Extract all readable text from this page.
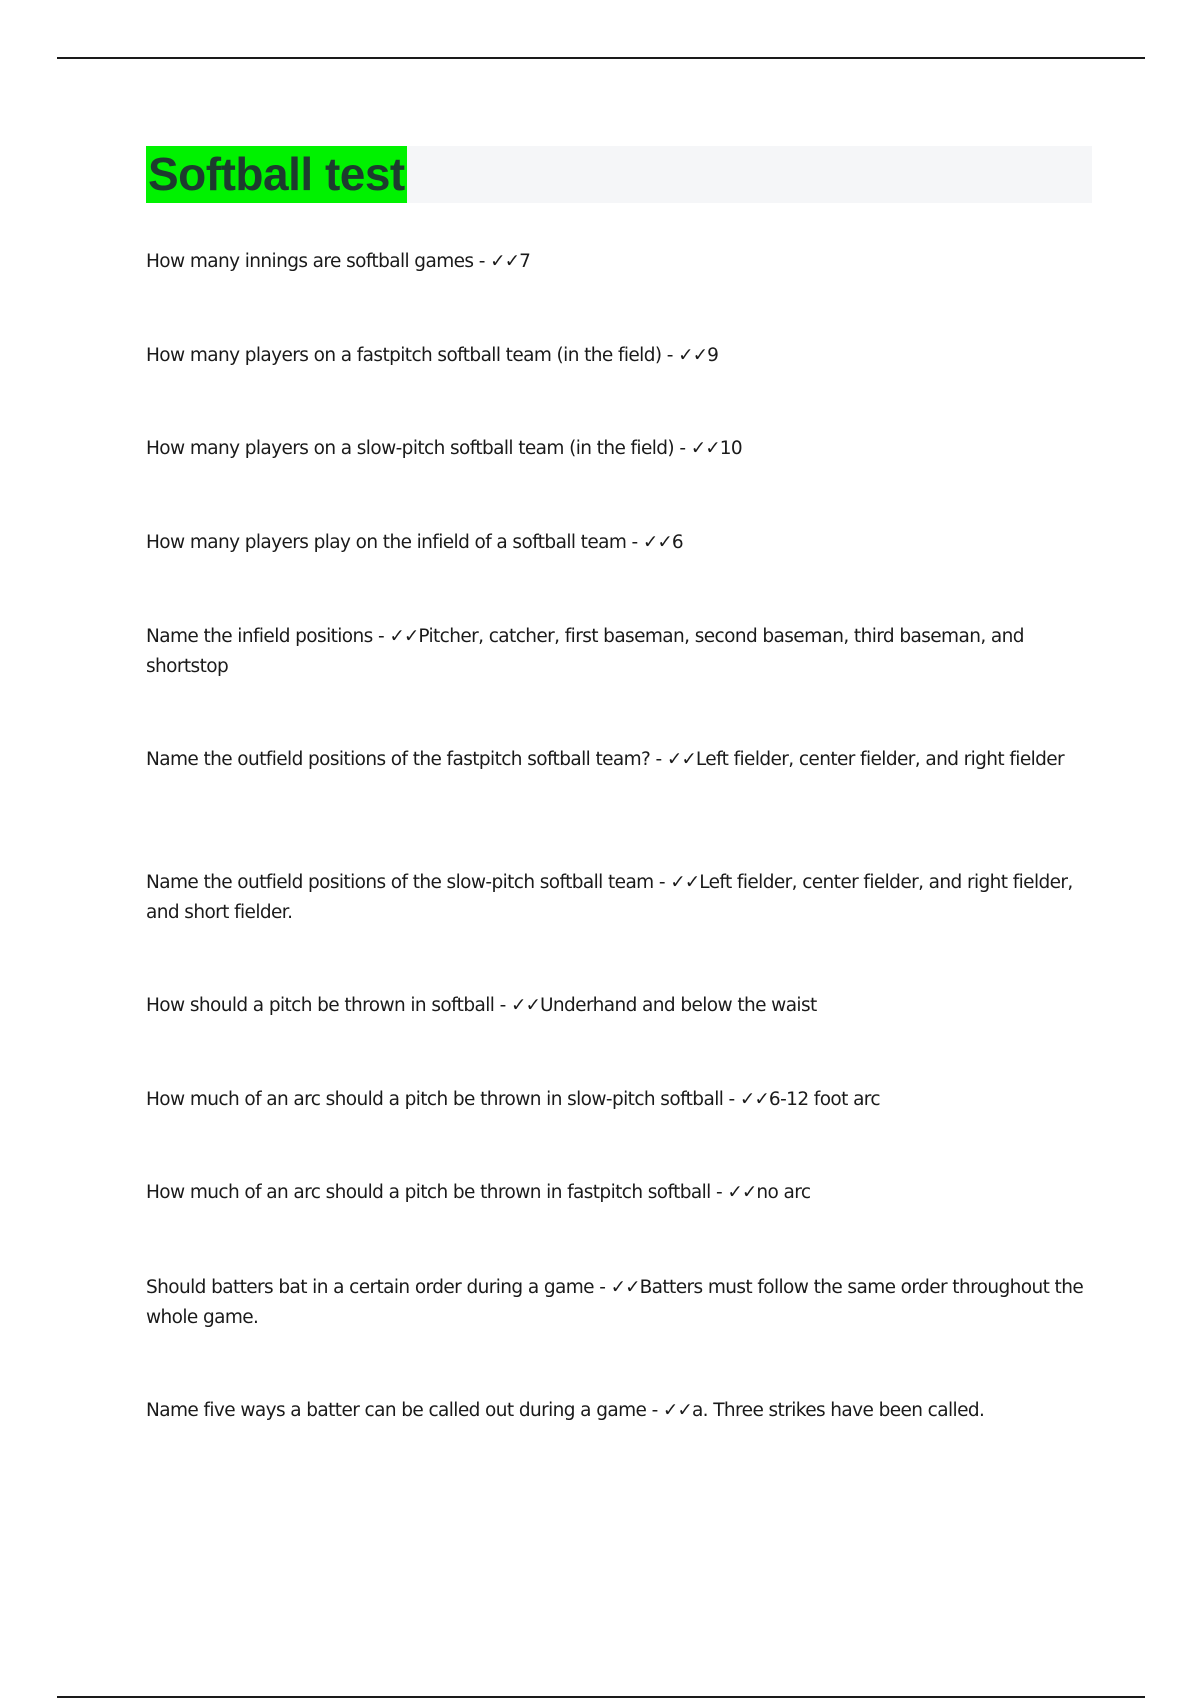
Softball test
How many innings are softball games - ✓✓7
How many players on a fastpitch softball team (in the field) - ✓✓9
How many players on a slow-pitch softball team (in the field) - ✓✓10
How many players play on the infield of a softball team - ✓✓6
Name the infield positions - ✓✓Pitcher, catcher, first baseman, second baseman, third baseman, and shortstop
Name the outfield positions of the fastpitch softball team? - ✓✓Left fielder, center fielder, and right fielder
Name the outfield positions of the slow-pitch softball team - ✓✓Left fielder, center fielder, and right fielder, and short fielder.
How should a pitch be thrown in softball - ✓✓Underhand and below the waist
How much of an arc should a pitch be thrown in slow-pitch softball - ✓✓6-12 foot arc
How much of an arc should a pitch be thrown in fastpitch softball - ✓✓no arc
Should batters bat in a certain order during a game - ✓✓Batters must follow the same order throughout the whole game.
Name five ways a batter can be called out during a game - ✓✓a. Three strikes have been called.
